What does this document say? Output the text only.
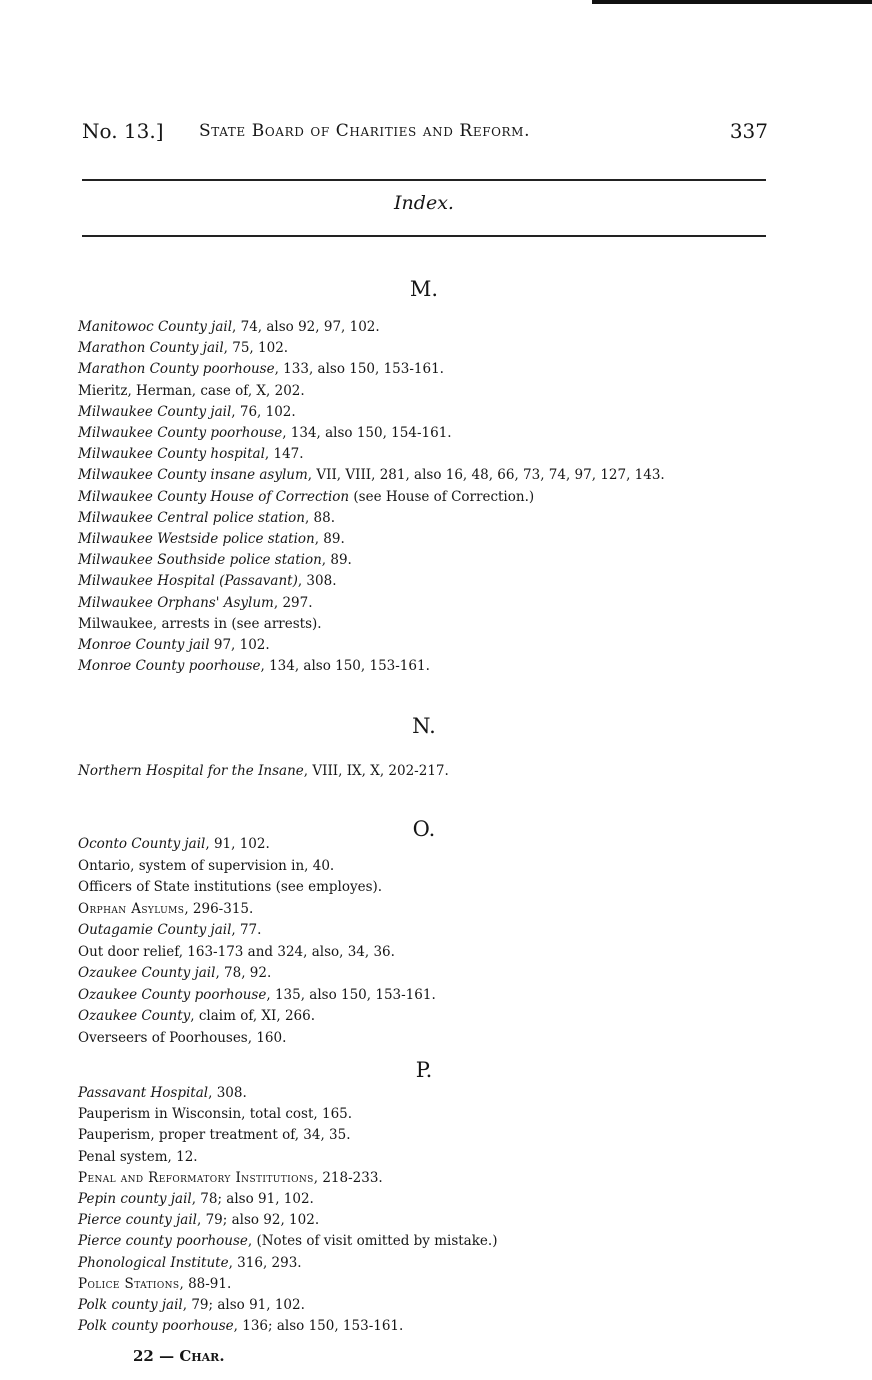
No. 13.] State Board of Charities and Reform.	337
Index.
M.
Manitowoc County jail, 74, also 92, 97, 102.
Marathon County jail, 75, 102.
Marathon County poorhouse, 133, also 150, 153-161.
Mieritz, Herman, case of, X, 202.
Milwaukee County jail, 76, 102.
Milwaukee County poorhouse, 134, also 150, 154-161.
Milwaukee County hospital, 147.
Milwaukee County insane asylum, VII, VIII, 281, also 16, 48, 66, 73, 74, 97, 127, 143.
Milwaukee County House of Correction (see House of Correction.)
Milwaukee Central police station, 88.
Milwaukee Westside police station, 89.
Milwaukee Southside police station, 89.
Milwaukee Hospital (Passavant), 308.
Milwaukee Orphans' Asylum, 297.
Milwaukee, arrests in (see arrests).
Monroe County jail 97, 102.
Monroe County poorhouse, 134, also 150, 153-161.
N.
Northern Hospital for the Insane, VIII, IX, X, 202-217.
O.
Oconto County jail, 91, 102.
Ontario, system of supervision in, 40.
Officers of State institutions (see employes).
Orphan Asylums, 296-315.
Outagamie County jail, 77.
Out door relief, 163-173 and 324, also, 34, 36.
Ozaukee County jail, 78, 92.
Ozaukee County poorhouse, 135, also 150, 153-161.
Ozaukee County, claim of, XI, 266.
Overseers of Poorhouses, 160.
P.
Passavant Hospital, 308.
Pauperism in Wisconsin, total cost, 165.
Pauperism, proper treatment of, 34, 35.
Penal system, 12.
Penal and Reformatory Institutions, 218-233.
Pepin county jail, 78; also 91, 102.
Pierce county jail, 79; also 92, 102.
Pierce county poorhouse, (Notes of visit omitted by mistake.)
Phonological Institute, 316, 293.
Police Stations, 88-91.
Polk county jail, 79; also 91, 102.
Polk county poorhouse, 136; also 150, 153-161.
22 — Char.
